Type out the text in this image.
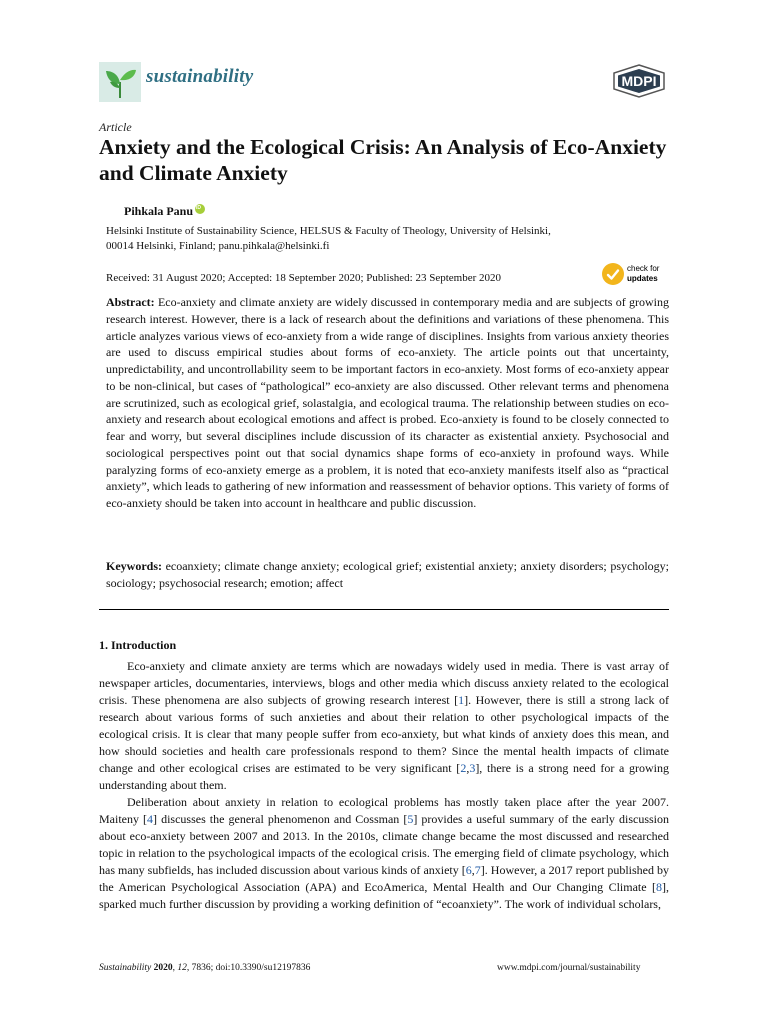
sustainability	MDPI
Article
Anxiety and the Ecological Crisis: An Analysis of Eco-Anxiety and Climate Anxiety
Pihkala PanuiD
Helsinki Institute of Sustainability Science, HELSUS & Faculty of Theology, University of Helsinki, 00014 Helsinki, Finland; panu.pihkala@helsinki.fi
Received: 31 August 2020; Accepted: 18 September 2020; Published: 23 September 2020
check for
updates
Abstract: Eco-anxiety and climate anxiety are widely discussed in contemporary media and are subjects of growing research interest. However, there is a lack of research about the definitions and variations of these phenomena. This article analyzes various views of eco-anxiety from a wide range of disciplines. Insights from various anxiety theories are used to discuss empirical studies about forms of eco-anxiety. The article points out that uncertainty, unpredictability, and uncontrollability seem to be important factors in eco-anxiety. Most forms of eco-anxiety appear to be non-clinical, but cases of “pathological” eco-anxiety are also discussed. Other relevant terms and phenomena are scrutinized, such as ecological grief, solastalgia, and ecological trauma. The relationship between studies on eco-anxiety and research about ecological emotions and affect is probed. Eco-anxiety is found to be closely connected to fear and worry, but several disciplines include discussion of its character as existential anxiety. Psychosocial and sociological perspectives point out that social dynamics shape forms of eco-anxiety in profound ways. While paralyzing forms of eco-anxiety emerge as a problem, it is noted that eco-anxiety manifests itself also as “practical anxiety”, which leads to gathering of new information and reassessment of behavior options. This variety of forms of eco-anxiety should be taken into account in healthcare and public discussion.
Keywords: ecoanxiety; climate change anxiety; ecological grief; existential anxiety; anxiety disorders; psychology; sociology; psychosocial research; emotion; affect
1. Introduction

Eco-anxiety and climate anxiety are terms which are nowadays widely used in media. There is vast array of newspaper articles, documentaries, interviews, blogs and other media which discuss anxiety related to the ecological crisis. These phenomena are also subjects of growing research interest [1]. However, there is still a strong lack of research about various forms of such anxieties and about their relation to other psychological impacts of the ecological crisis. It is clear that many people suffer from eco-anxiety, but what kinds of anxiety does this mean, and how should societies and health care professionals respond to them? Since the mental health impacts of climate change and other ecological crises are estimated to be very significant [2,3], there is a strong need for a growing understanding about them.

Deliberation about anxiety in relation to ecological problems has mostly taken place after the year 2007. Maiteny [4] discusses the general phenomenon and Cossman [5] provides a useful summary of the early discussion about eco-anxiety between 2007 and 2013. In the 2010s, climate change became the most discussed and researched topic in relation to the psychological impacts of the ecological crisis. The emerging field of climate psychology, which has many subfields, has included discussion about various kinds of anxiety [6,7]. However, a 2017 report published by the American Psychological Association (APA) and EcoAmerica, Mental Health and Our Changing Climate [8], sparked much further discussion by providing a working definition of “ecoanxiety”. The work of individual scholars,

Sustainability 2020, 12, 7836; doi:10.3390/su12197836	www.mdpi.com/journal/sustainability
